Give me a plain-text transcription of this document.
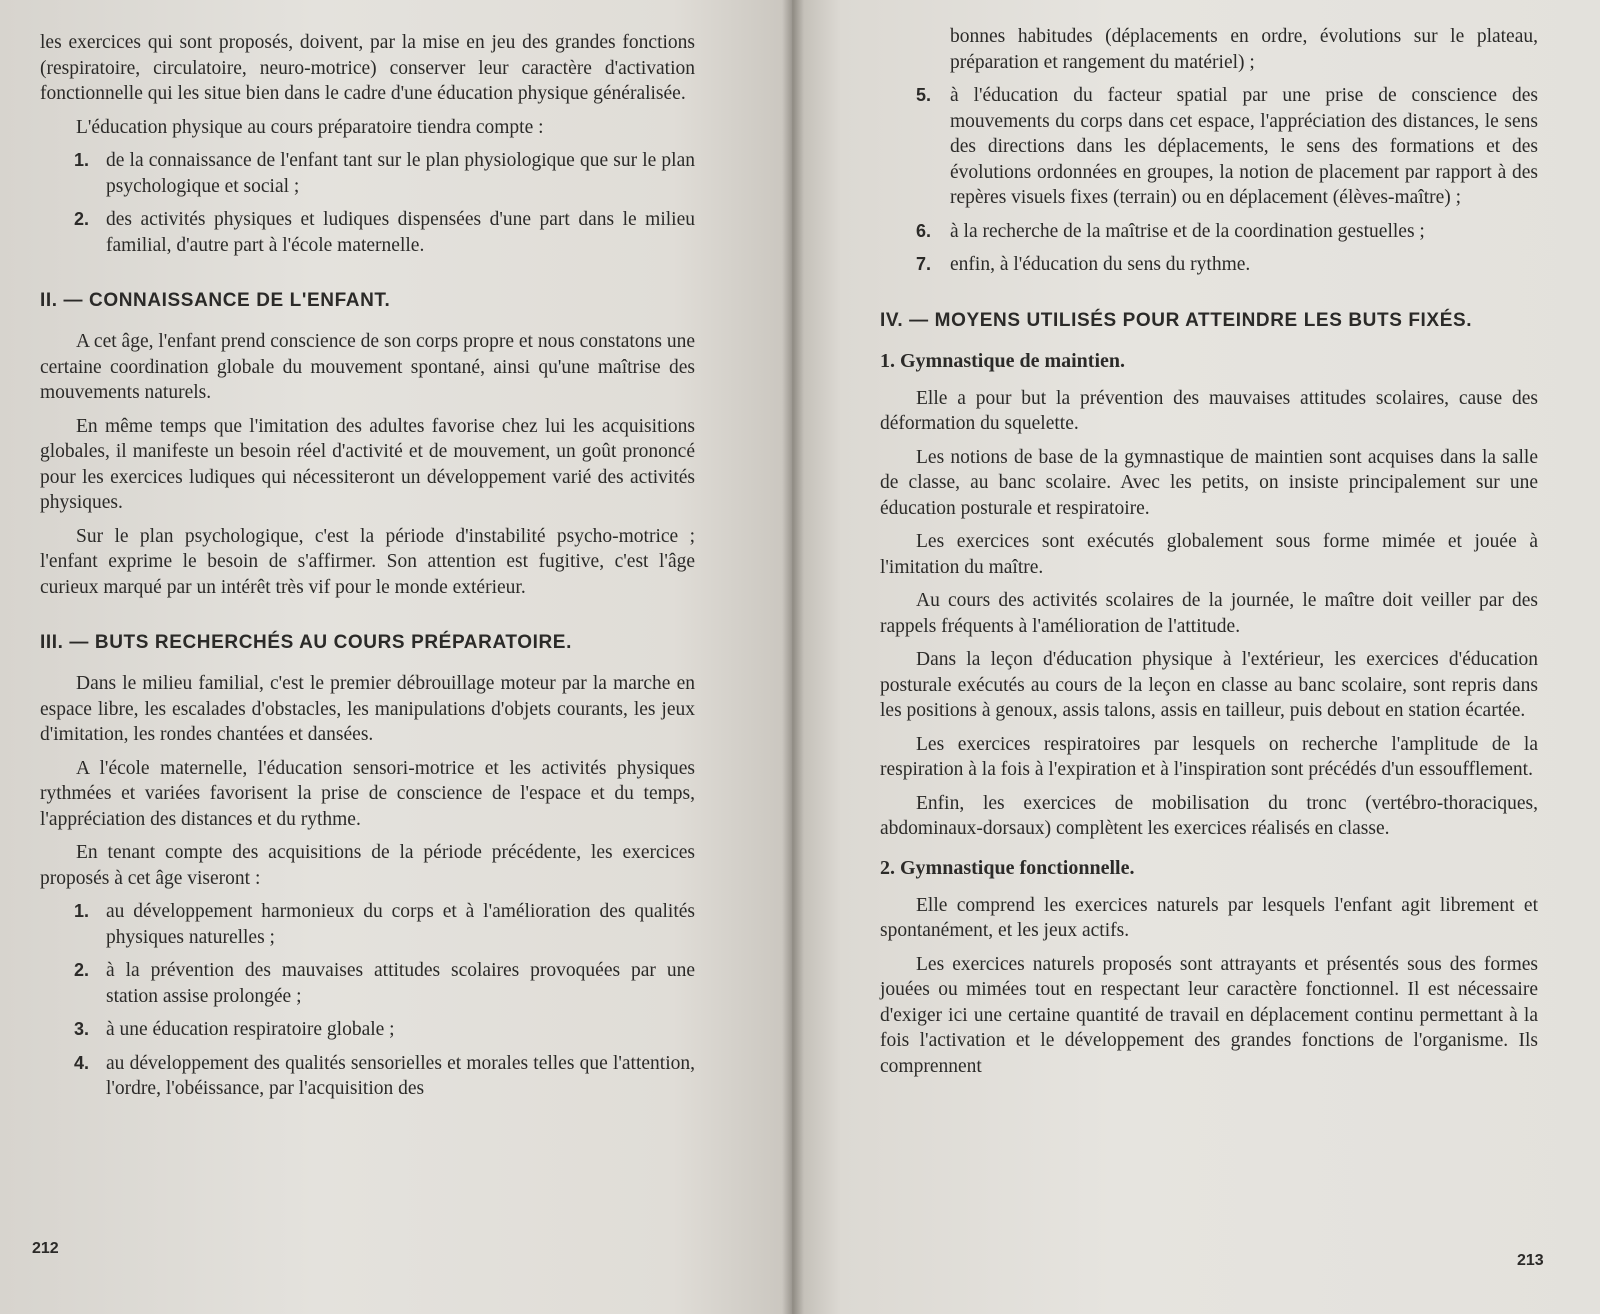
les exercices qui sont proposés, doivent, par la mise en jeu des grandes fonctions (respiratoire, circulatoire, neuro-motrice) conserver leur caractère d'activation fonctionnelle qui les situe bien dans le cadre d'une éducation physique généralisée.

L'éducation physique au cours préparatoire tiendra compte :

1. de la connaissance de l'enfant tant sur le plan physiologique que sur le plan psychologique et social ;
2. des activités physiques et ludiques dispensées d'une part dans le milieu familial, d'autre part à l'école maternelle.
II. — CONNAISSANCE DE L'ENFANT.

A cet âge, l'enfant prend conscience de son corps propre et nous constatons une certaine coordination globale du mouvement spontané, ainsi qu'une maîtrise des mouvements naturels.

En même temps que l'imitation des adultes favorise chez lui les acquisitions globales, il manifeste un besoin réel d'activité et de mouvement, un goût prononcé pour les exercices ludiques qui nécessiteront un développement varié des activités physiques.

Sur le plan psychologique, c'est la période d'instabilité psycho-motrice ; l'enfant exprime le besoin de s'affirmer. Son attention est fugitive, c'est l'âge curieux marqué par un intérêt très vif pour le monde extérieur.

III. — BUTS RECHERCHÉS AU COURS PRÉPARATOIRE.

Dans le milieu familial, c'est le premier débrouillage moteur par la marche en espace libre, les escalades d'obstacles, les manipulations d'objets courants, les jeux d'imitation, les rondes chantées et dansées.

A l'école maternelle, l'éducation sensori-motrice et les activités physiques rythmées et variées favorisent la prise de conscience de l'espace et du temps, l'appréciation des distances et du rythme.

En tenant compte des acquisitions de la période précédente, les exercices proposés à cet âge viseront :

1. au développement harmonieux du corps et à l'amélioration des qualités physiques naturelles ;
2. à la prévention des mauvaises attitudes scolaires provoquées par une station assise prolongée ;
3. à une éducation respiratoire globale ;
4. au développement des qualités sensorielles et morales telles que l'attention, l'ordre, l'obéissance, par l'acquisition des
212
bonnes habitudes (déplacements en ordre, évolutions sur le plateau, préparation et rangement du matériel) ;
5. à l'éducation du facteur spatial par une prise de conscience des mouvements du corps dans cet espace, l'appréciation des distances, le sens des directions dans les déplacements, le sens des formations et des évolutions ordonnées en groupes, la notion de placement par rapport à des repères visuels fixes (terrain) ou en déplacement (élèves-maître) ;
6. à la recherche de la maîtrise et de la coordination gestuelles ;
7. enfin, à l'éducation du sens du rythme.
IV. — MOYENS UTILISÉS POUR ATTEINDRE LES BUTS FIXÉS.
1. Gymnastique de maintien.

Elle a pour but la prévention des mauvaises attitudes scolaires, cause des déformation du squelette.

Les notions de base de la gymnastique de maintien sont acquises dans la salle de classe, au banc scolaire. Avec les petits, on insiste principalement sur une éducation posturale et respiratoire.

Les exercices sont exécutés globalement sous forme mimée et jouée à l'imitation du maître.

Au cours des activités scolaires de la journée, le maître doit veiller par des rappels fréquents à l'amélioration de l'attitude.

Dans la leçon d'éducation physique à l'extérieur, les exercices d'éducation posturale exécutés au cours de la leçon en classe au banc scolaire, sont repris dans les positions à genoux, assis talons, assis en tailleur, puis debout en station écartée.

Les exercices respiratoires par lesquels on recherche l'amplitude de la respiration à la fois à l'expiration et à l'inspiration sont précédés d'un essoufflement.

Enfin, les exercices de mobilisation du tronc (vertébro-thoraciques, abdominaux-dorsaux) complètent les exercices réalisés en classe.

2. Gymnastique fonctionnelle.

Elle comprend les exercices naturels par lesquels l'enfant agit librement et spontanément, et les jeux actifs.

Les exercices naturels proposés sont attrayants et présentés sous des formes jouées ou mimées tout en respectant leur caractère fonctionnel. Il est nécessaire d'exiger ici une certaine quantité de travail en déplacement continu permettant à la fois l'activation et le développement des grandes fonctions de l'organisme. Ils comprennent

213
